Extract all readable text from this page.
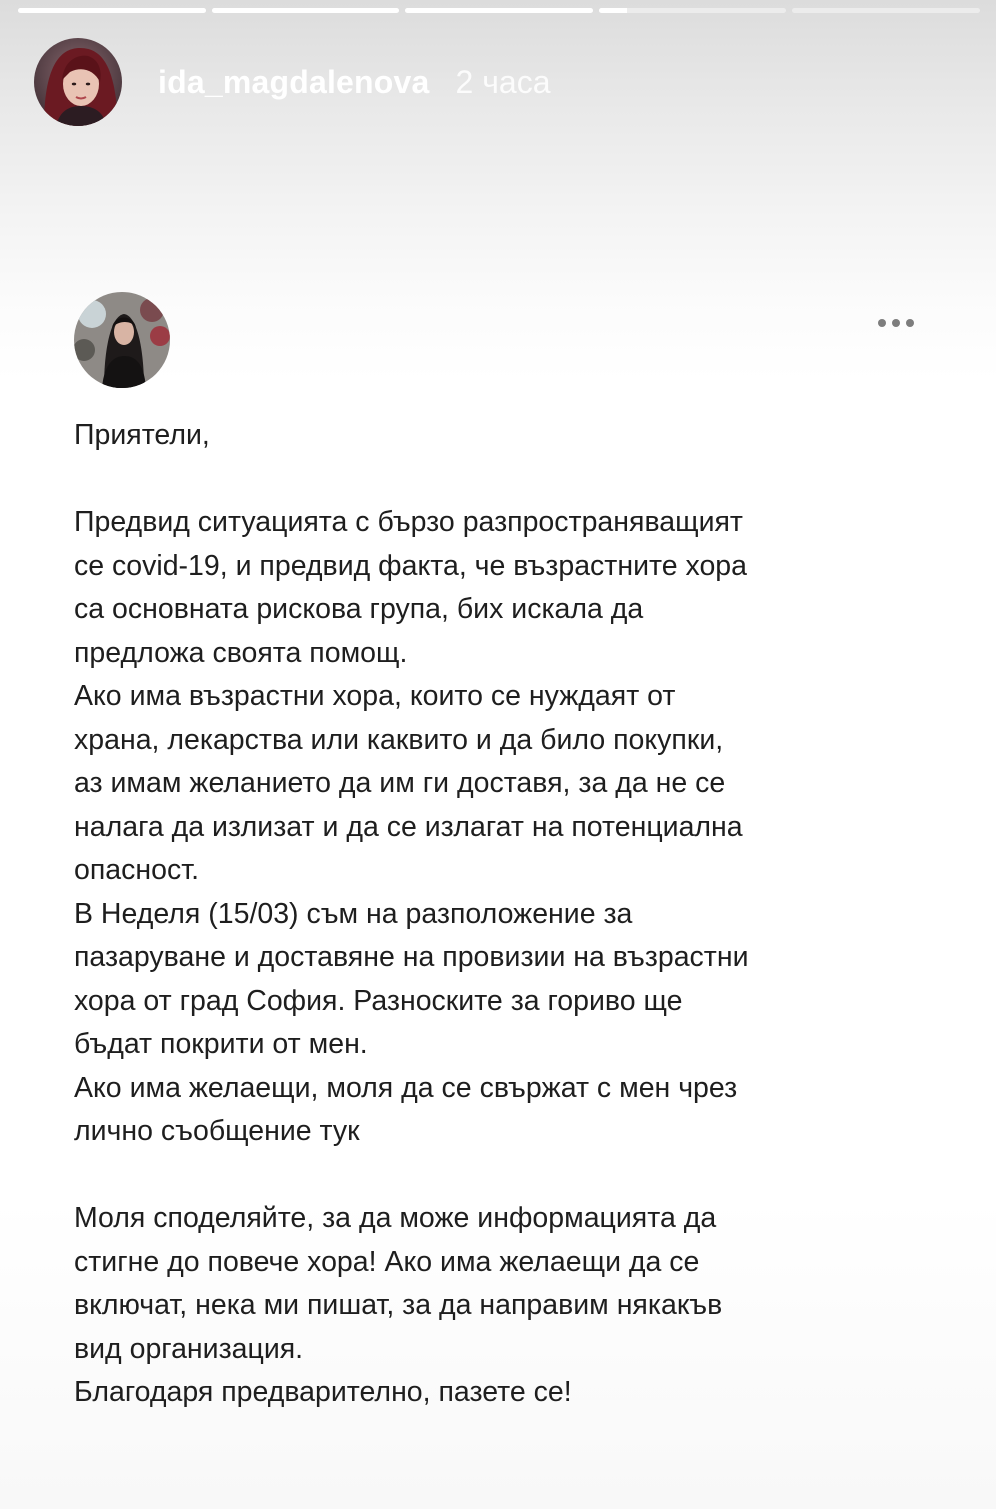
ida_magdalenova 2 часа

Приятели,

Предвид ситуацията с бързо разпространяващият

се covid-19, и предвид факта, че възрастните хора

са основната рискова група, бих искала да

предложа своята помощ.

Ако има възрастни хора, които се нуждаят от

храна, лекарства или каквито и да било покупки,

аз имам желанието да им ги доставя, за да не се

налага да излизат и да се излагат на потенциална

опасност.

В Неделя (15/03) съм на разположение за

пазаруване и доставяне на провизии на възрастни

хора от град София. Разноските за гориво ще

бъдат покрити от мен.

Ако има желаещи, моля да се свържат с мен чрез

лично съобщение тук

Моля споделяйте, за да може информацията да

стигне до повече хора! Ако има желаещи да се

включат, нека ми пишат, за да направим някакъв

вид организация.

Благодаря предварително, пазете се!
